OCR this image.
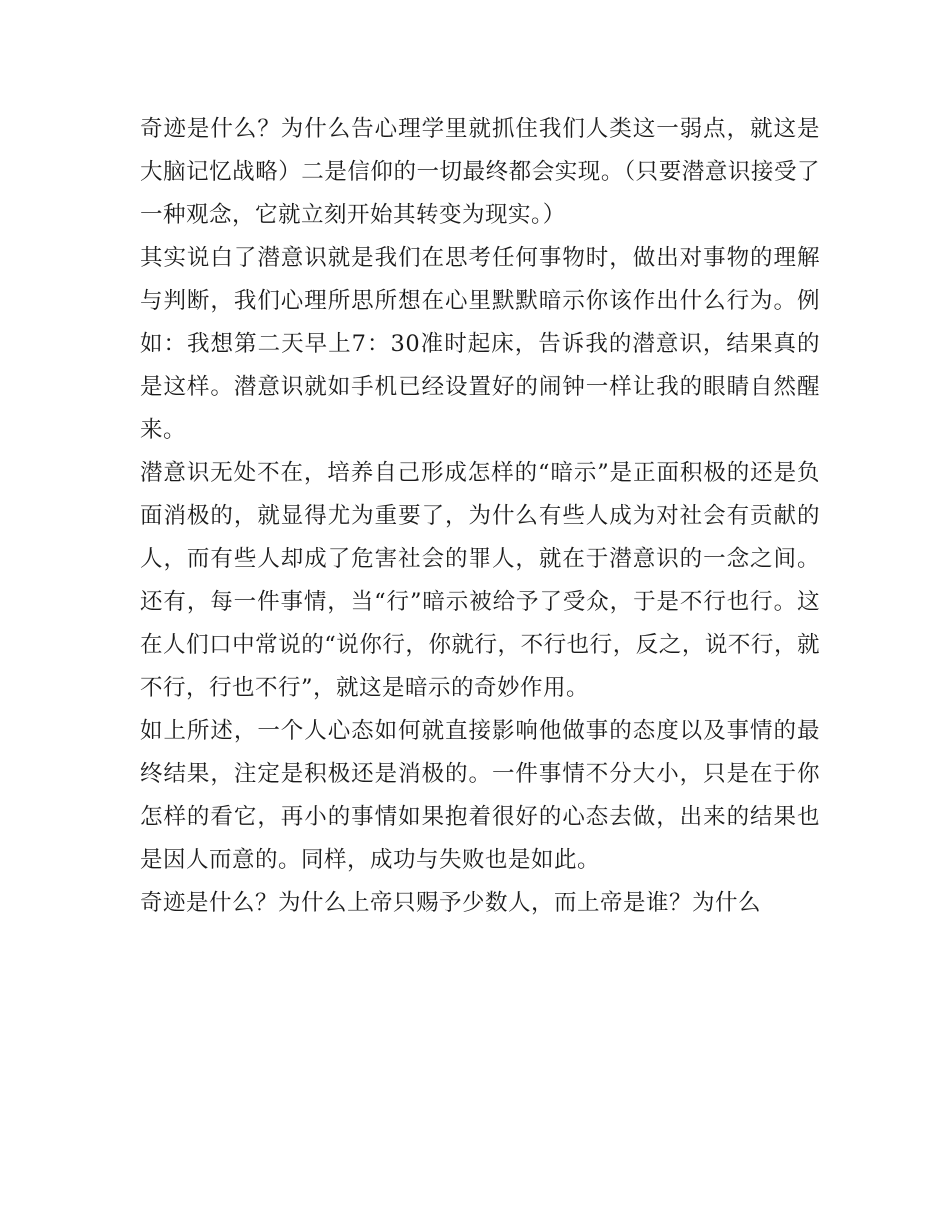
奇迹是什么？为什么告心理学里就抓住我们人类这一弱点，就这是大脑记忆战略）二是信仰的一切最终都会实现。（只要潜意识接受了一种观念，它就立刻开始其转变为现实。）

其实说白了潜意识就是我们在思考任何事物时，做出对事物的理解与判断，我们心理所思所想在心里默默暗示你该作出什么行为。例如：我想第二天早上7：30准时起床，告诉我的潜意识，结果真的是这样。潜意识就如手机已经设置好的闹钟一样让我的眼睛自然醒来。

潜意识无处不在，培养自己形成怎样的“暗示”是正面积极的还是负面消极的，就显得尤为重要了，为什么有些人成为对社会有贡献的人，而有些人却成了危害社会的罪人，就在于潜意识的一念之间。还有，每一件事情，当“行”暗示被给予了受众，于是不行也行。这在人们口中常说的“说你行，你就行，不行也行，反之，说不行，就不行，行也不行”，就这是暗示的奇妙作用。

如上所述，一个人心态如何就直接影响他做事的态度以及事情的最终结果，注定是积极还是消极的。一件事情不分大小，只是在于你怎样的看它，再小的事情如果抱着很好的心态去做，出来的结果也是因人而意的。同样，成功与失败也是如此。

奇迹是什么？为什么上帝只赐予少数人，而上帝是谁？为什么
